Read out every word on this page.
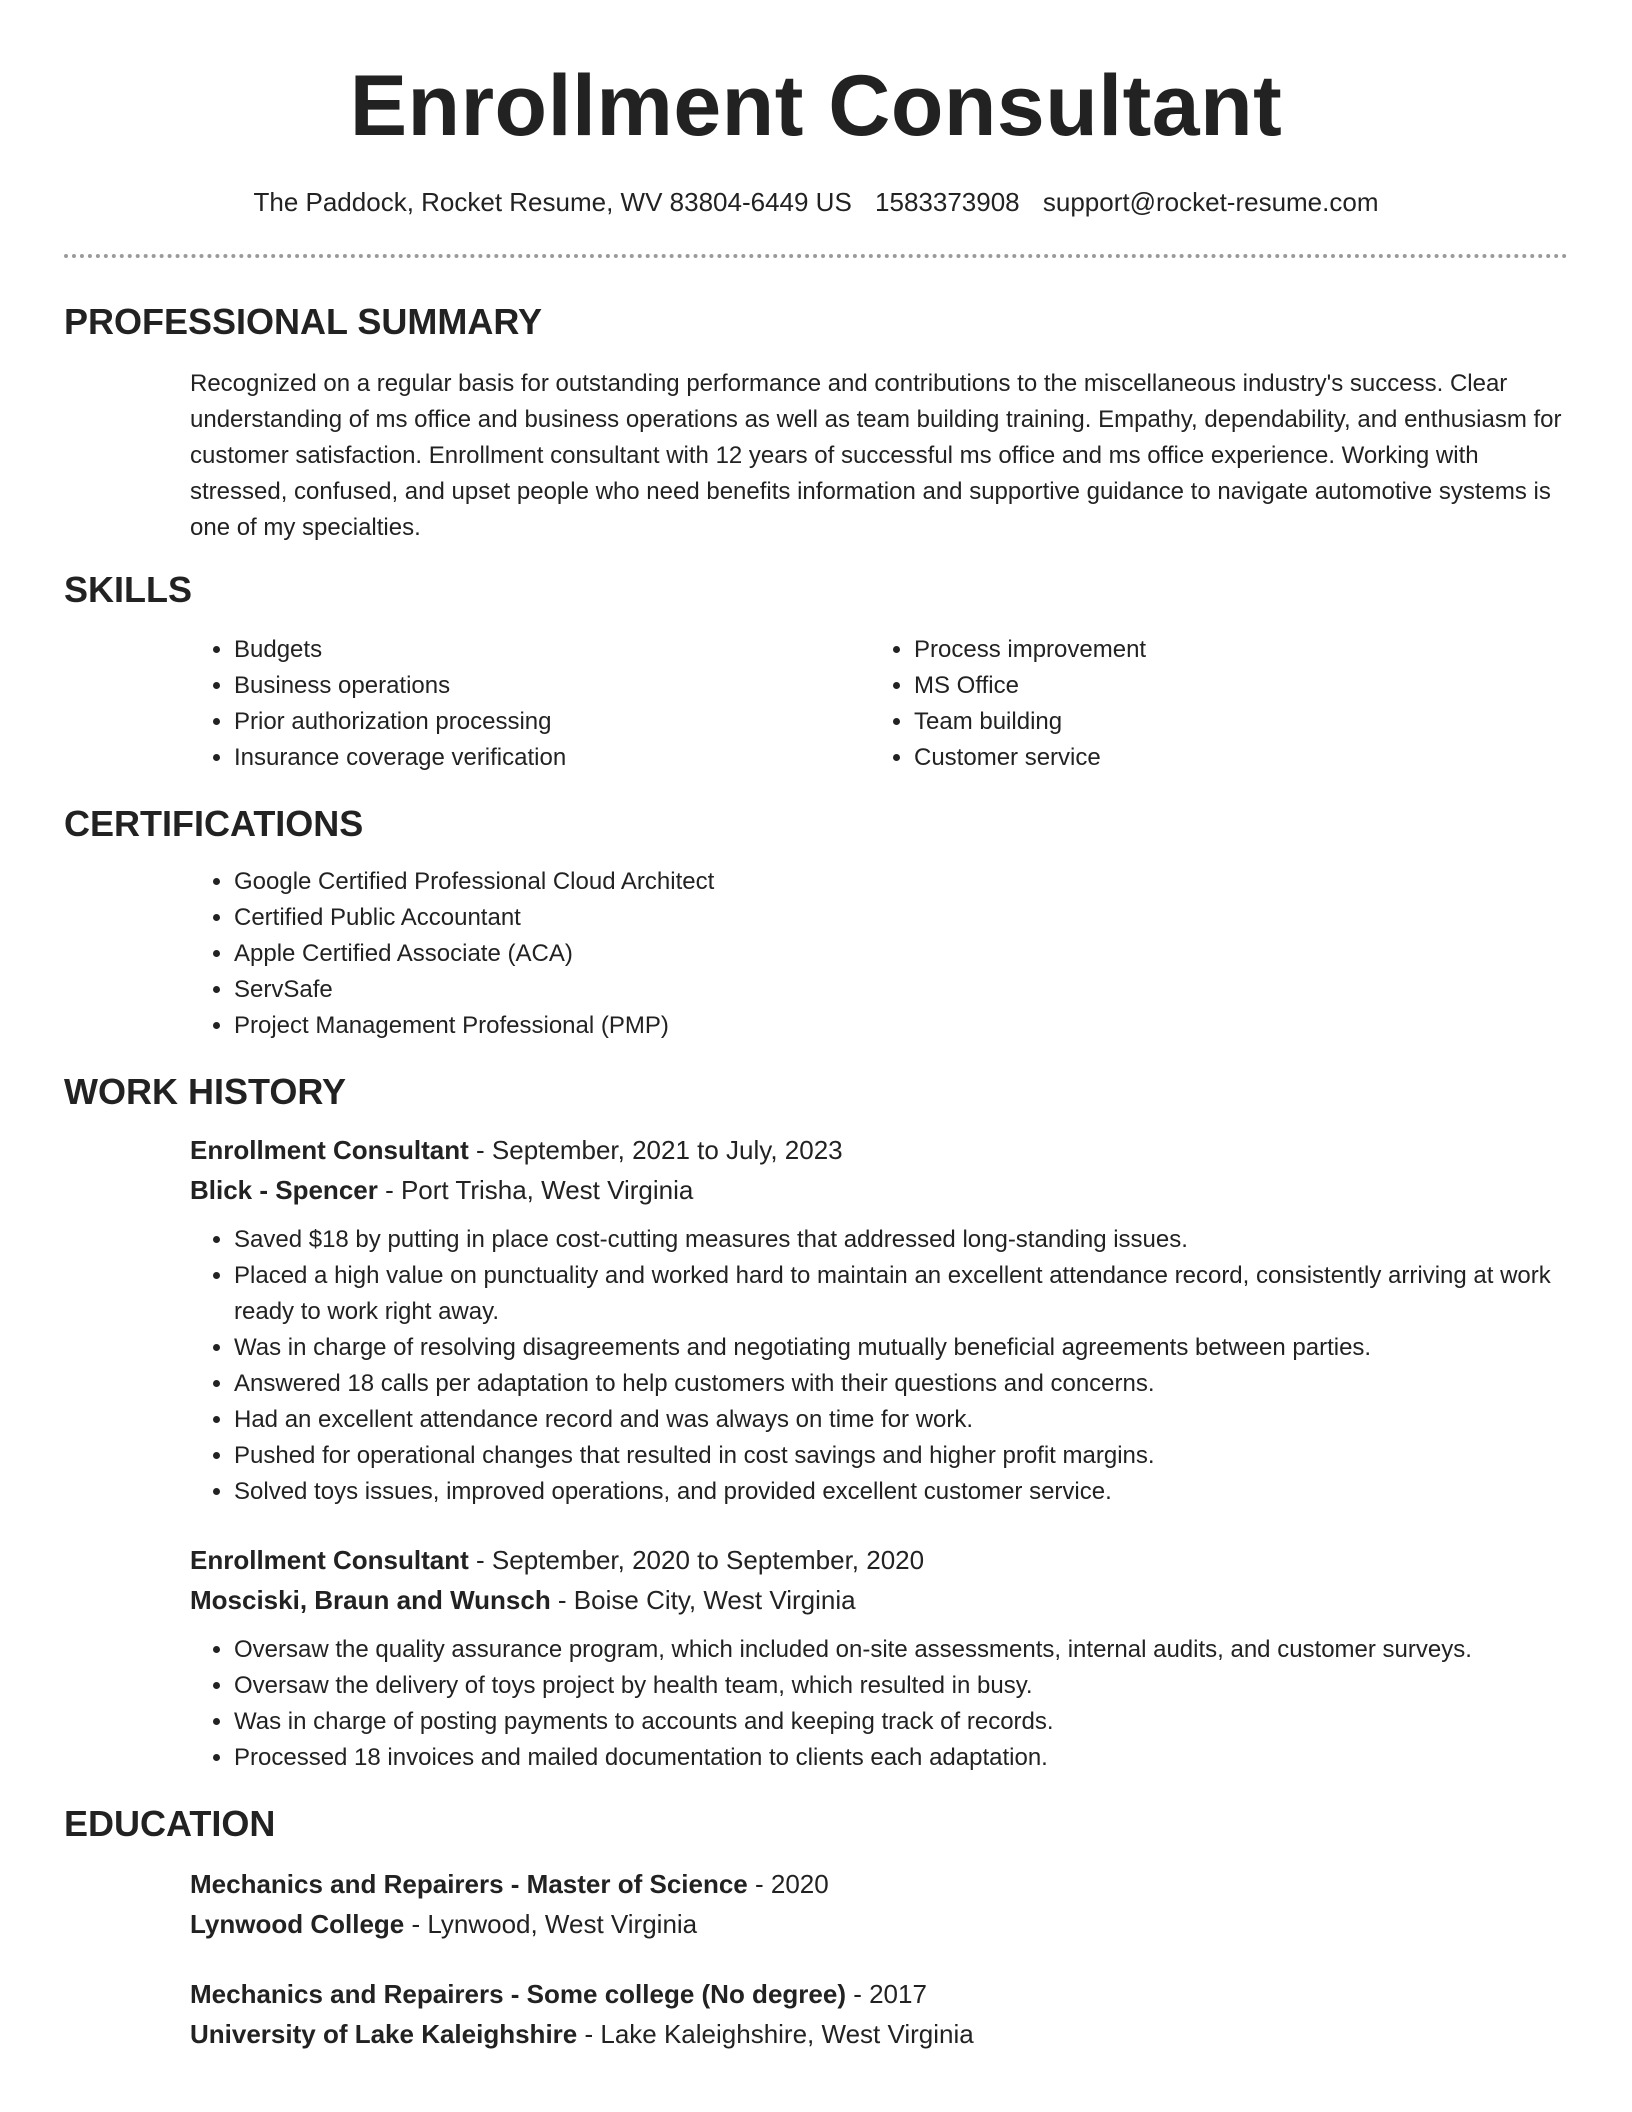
Enrollment Consultant
The Paddock, Rocket Resume, WV 83804-6449 US 1583373908 support@rocket-resume.com
PROFESSIONAL SUMMARY

Recognized on a regular basis for outstanding performance and contributions to the miscellaneous industry's success. Clear understanding of ms office and business operations as well as team building training. Empathy, dependability, and enthusiasm for customer satisfaction. Enrollment consultant with 12 years of successful ms office and ms office experience. Working with stressed, confused, and upset people who need benefits information and supportive guidance to navigate automotive systems is one of my specialties.

SKILLS
• Budgets
• Business operations
• Prior authorization processing
• Insurance coverage verification
• Process improvement
• MS Office
• Team building
• Customer service
CERTIFICATIONS
• Google Certified Professional Cloud Architect
• Certified Public Accountant
• Apple Certified Associate (ACA)
• ServSafe
• Project Management Professional (PMP)
WORK HISTORY
Enrollment Consultant - September, 2021 to July, 2023
Blick - Spencer - Port Trisha, West Virginia
• Saved $18 by putting in place cost-cutting measures that addressed long-standing issues.
• Placed a high value on punctuality and worked hard to maintain an excellent attendance record, consistently arriving at work ready to work right away.
• Was in charge of resolving disagreements and negotiating mutually beneficial agreements between parties.
• Answered 18 calls per adaptation to help customers with their questions and concerns.
• Had an excellent attendance record and was always on time for work.
• Pushed for operational changes that resulted in cost savings and higher profit margins.
• Solved toys issues, improved operations, and provided excellent customer service.
Enrollment Consultant - September, 2020 to September, 2020
Mosciski, Braun and Wunsch - Boise City, West Virginia
• Oversaw the quality assurance program, which included on-site assessments, internal audits, and customer surveys.
• Oversaw the delivery of toys project by health team, which resulted in busy.
• Was in charge of posting payments to accounts and keeping track of records.
• Processed 18 invoices and mailed documentation to clients each adaptation.
EDUCATION
Mechanics and Repairers - Master of Science - 2020
Lynwood College - Lynwood, West Virginia
Mechanics and Repairers - Some college (No degree) - 2017
University of Lake Kaleighshire - Lake Kaleighshire, West Virginia
